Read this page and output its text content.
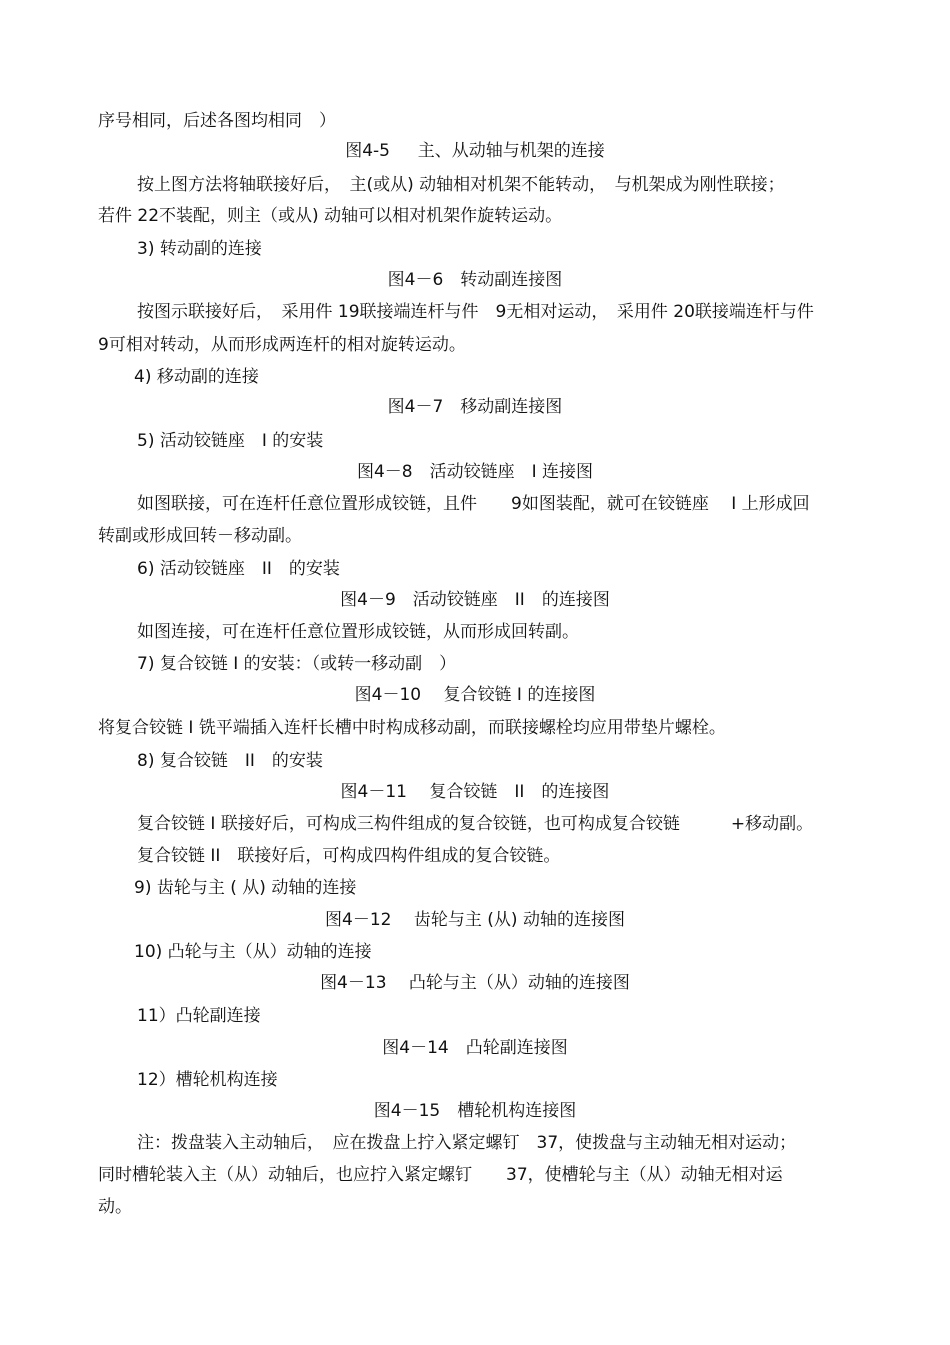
序号相同，后述各图均相同　）
图4-5　  主、从动轴与机架的连接
按上图方法将轴联接好后，　主(或从) 动轴相对机架不能转动，　与机架成为刚性联接；
若件 22不装配，则主（或从) 动轴可以相对机架作旋转运动。
3) 转动副的连接
图4－6　转动副连接图
按图示联接好后，　采用件 19联接端连杆与件　9无相对运动，　采用件 20联接端连杆与件
9可相对转动，从而形成两连杆的相对旋转运动。
4) 移动副的连接
图4－7　移动副连接图
5) 活动铰链座　I 的安装
图4－8　活动铰链座　I 连接图
如图联接，可在连杆任意位置形成铰链，且件　　9如图装配，就可在铰链座　 I 上形成回
转副或形成回转－移动副。
6) 活动铰链座　II　的安装
图4－9　活动铰链座　II　的连接图
如图连接，可在连杆任意位置形成铰链，从而形成回转副。
7) 复合铰链 I 的安装：（或转一移动副　）
图4－10　 复合铰链 I 的连接图
将复合铰链 I 铣平端插入连杆长槽中时构成移动副，而联接螺栓均应用带垫片螺栓。
8) 复合铰链　II　的安装
图4－11　 复合铰链　II　的连接图
复合铰链 I 联接好后，可构成三构件组成的复合铰链，也可构成复合铰链　　　+移动副。
复合铰链 II　联接好后，可构成四构件组成的复合铰链。
9) 齿轮与主 ( 从) 动轴的连接
图4－12　 齿轮与主 (从) 动轴的连接图
10) 凸轮与主（从）动轴的连接
图4－13　 凸轮与主（从）动轴的连接图
11）凸轮副连接
图4－14　凸轮副连接图
12）槽轮机构连接
图4－15　槽轮机构连接图
注：拨盘装入主动轴后，　应在拨盘上拧入紧定螺钉　37，使拨盘与主动轴无相对运动；
同时槽轮装入主（从）动轴后，也应拧入紧定螺钉　　37，使槽轮与主（从）动轴无相对运
动。
